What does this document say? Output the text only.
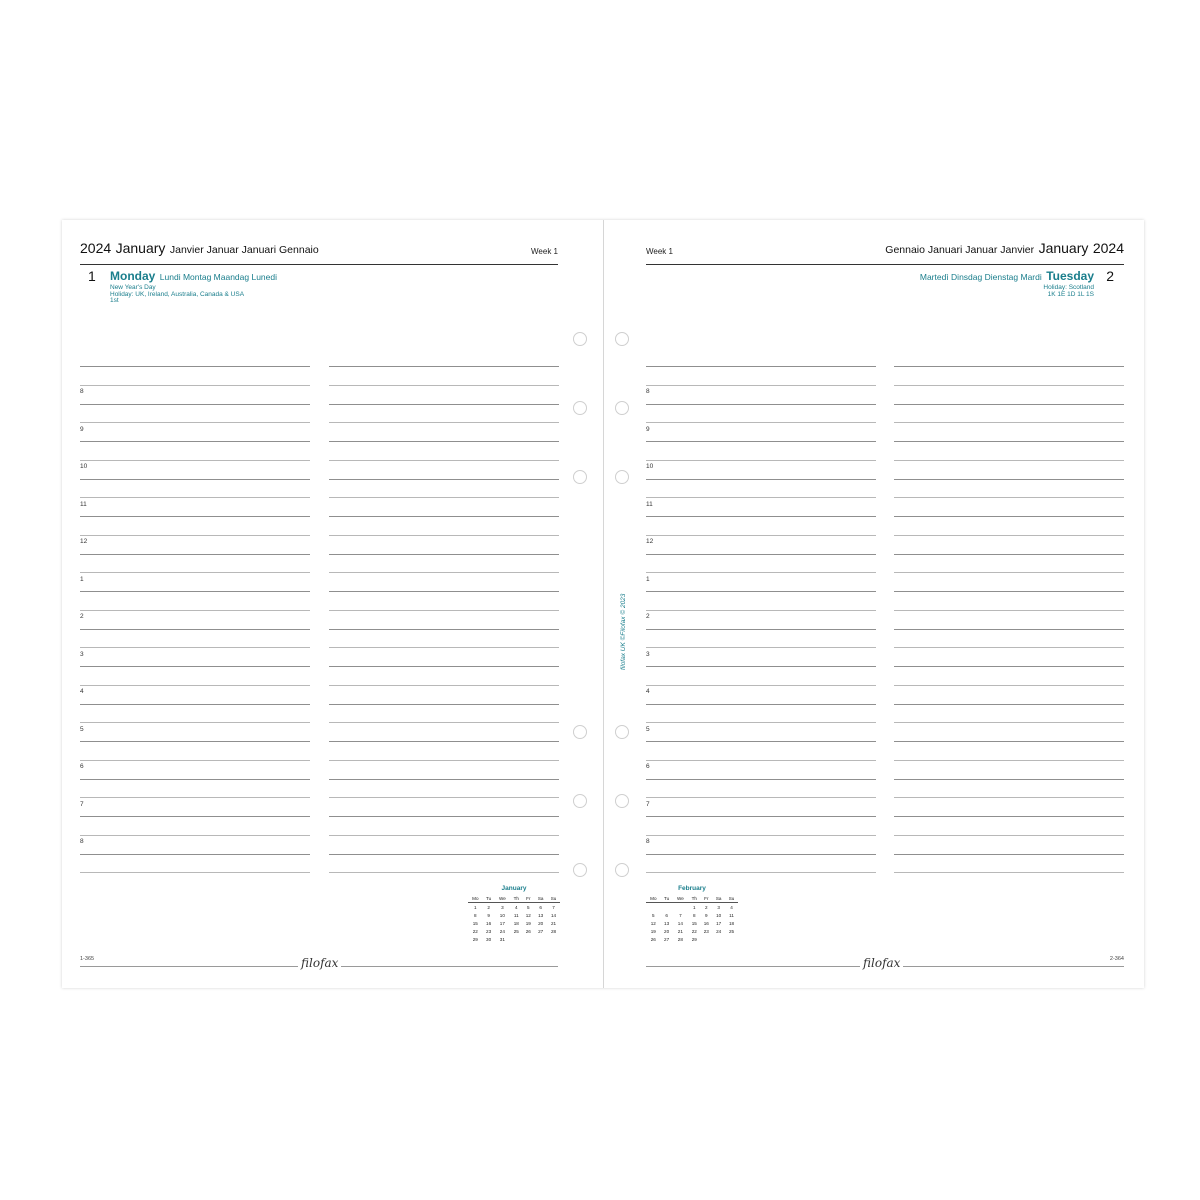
2024 January Janvier Januar Januari Gennaio	Week 1
1 Monday Lundi Montag Maandag Lunedi
New Year's Day
Holiday: UK, Ireland, Australia, Canada & USA
1st
January
Mo	Tu	We	Th	Fr	Sa	Su
1	2	3	4	5	6	7
8	9	10	11	12	13	14
15	16	17	18	19	20	21
22	23	24	25	26	27	28
29	30	31				
1-365	filofax
8
9
10
11
12
1
2
3
4
5
6
7
8
Week 1	Gennaio Januari Januar Janvier January 2024
2
Martedì Dinsdag Dienstag Mardi Tuesday
Holiday: Scotland
1K 1E 1D 1L 1S
February
Mo	Tu	We	Th	Fr	Sa	Su
			1	2	3	4
5	6	7	8	9	10	11
12	13	14	15	16	17	18
19	20	21	22	23	24	25
26	27	28	29			
filofax	2-364
8
9
10
11
12
1
2
3
4
5
6
7
8
filofax UK ©Filofax © 2023
